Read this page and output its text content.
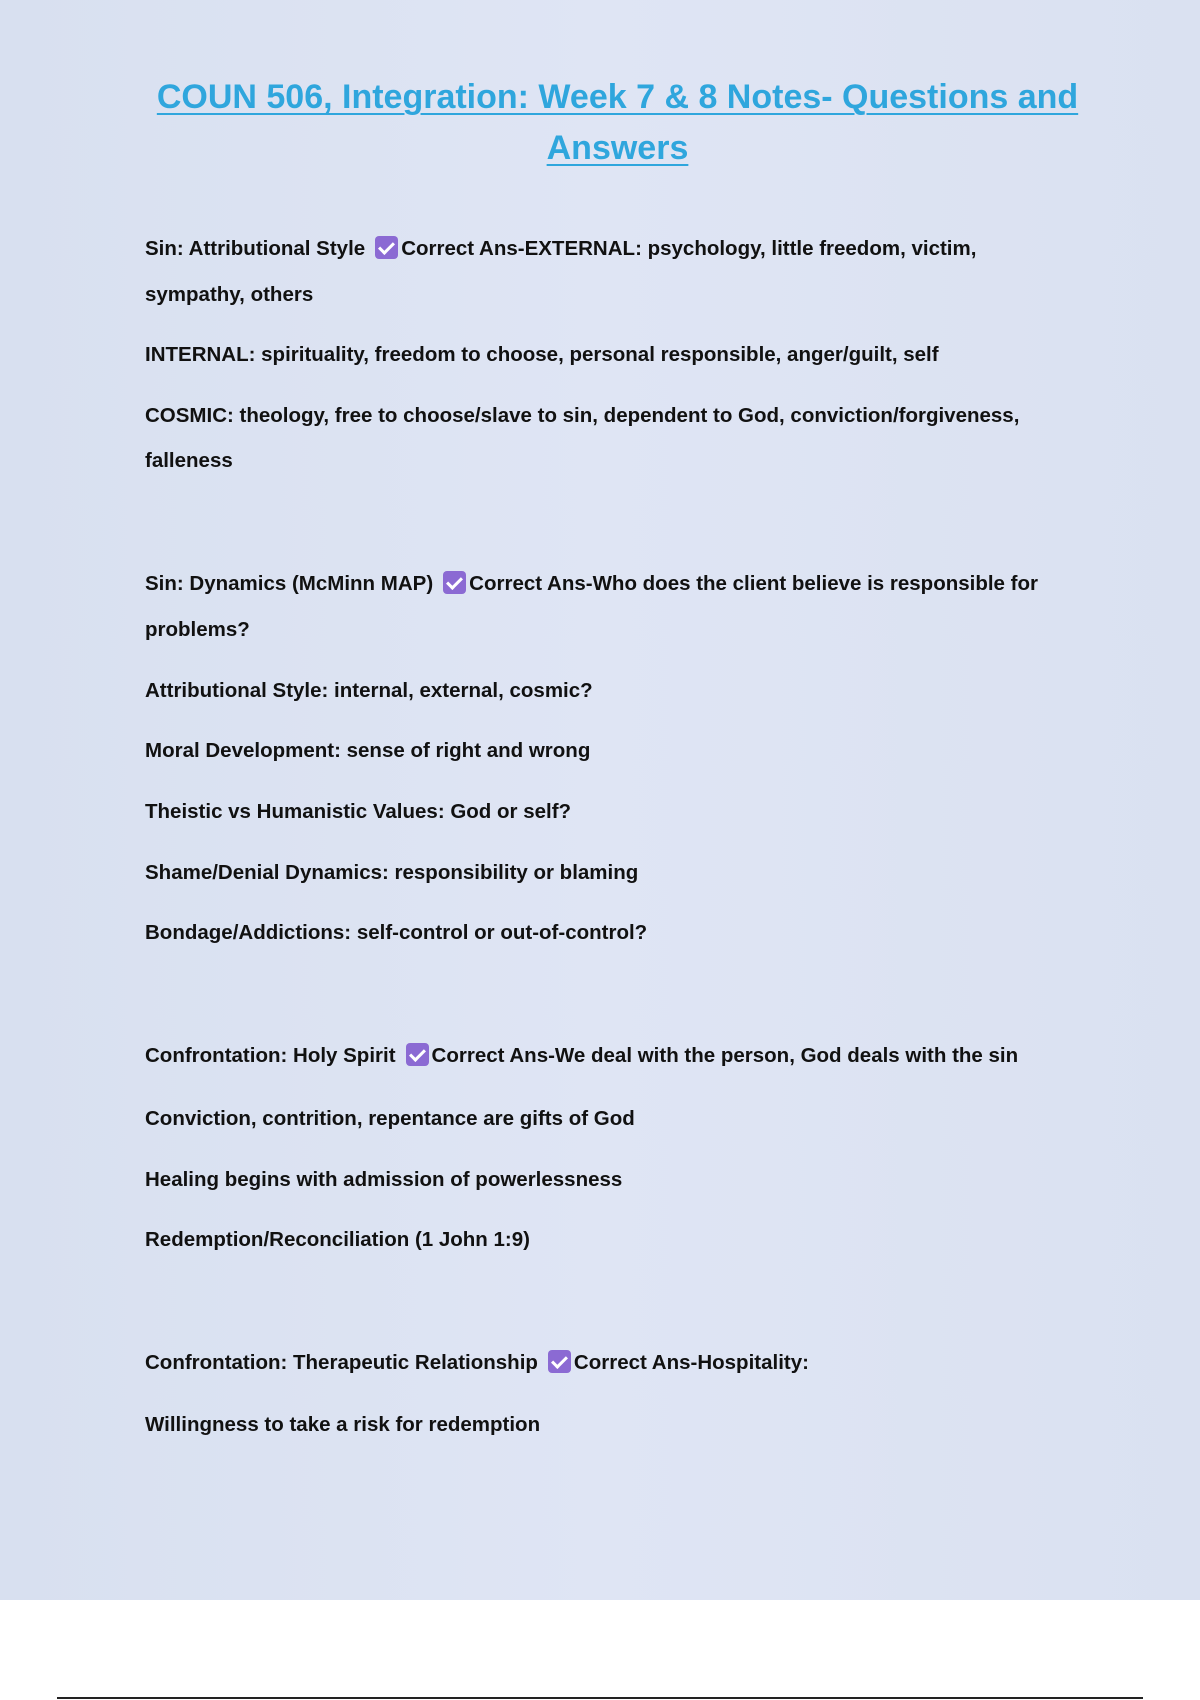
COUN 506, Integration: Week 7 & 8 Notes- Questions and Answers
Sin: Attributional Style Correct Ans-EXTERNAL: psychology, little freedom, victim,
sympathy, others
INTERNAL: spirituality, freedom to choose, personal responsible, anger/guilt, self
COSMIC: theology, free to choose/slave to sin, dependent to God, conviction/forgiveness,
falleness
Sin: Dynamics (McMinn MAP) Correct Ans-Who does the client believe is responsible for
problems?
Attributional Style: internal, external, cosmic?
Moral Development: sense of right and wrong
Theistic vs Humanistic Values: God or self?
Shame/Denial Dynamics: responsibility or blaming
Bondage/Addictions: self-control or out-of-control?
Confrontation: Holy Spirit Correct Ans-We deal with the person, God deals with the sin
Conviction, contrition, repentance are gifts of God
Healing begins with admission of powerlessness
Redemption/Reconciliation (1 John 1:9)
Confrontation: Therapeutic Relationship Correct Ans-Hospitality:
Willingness to take a risk for redemption
